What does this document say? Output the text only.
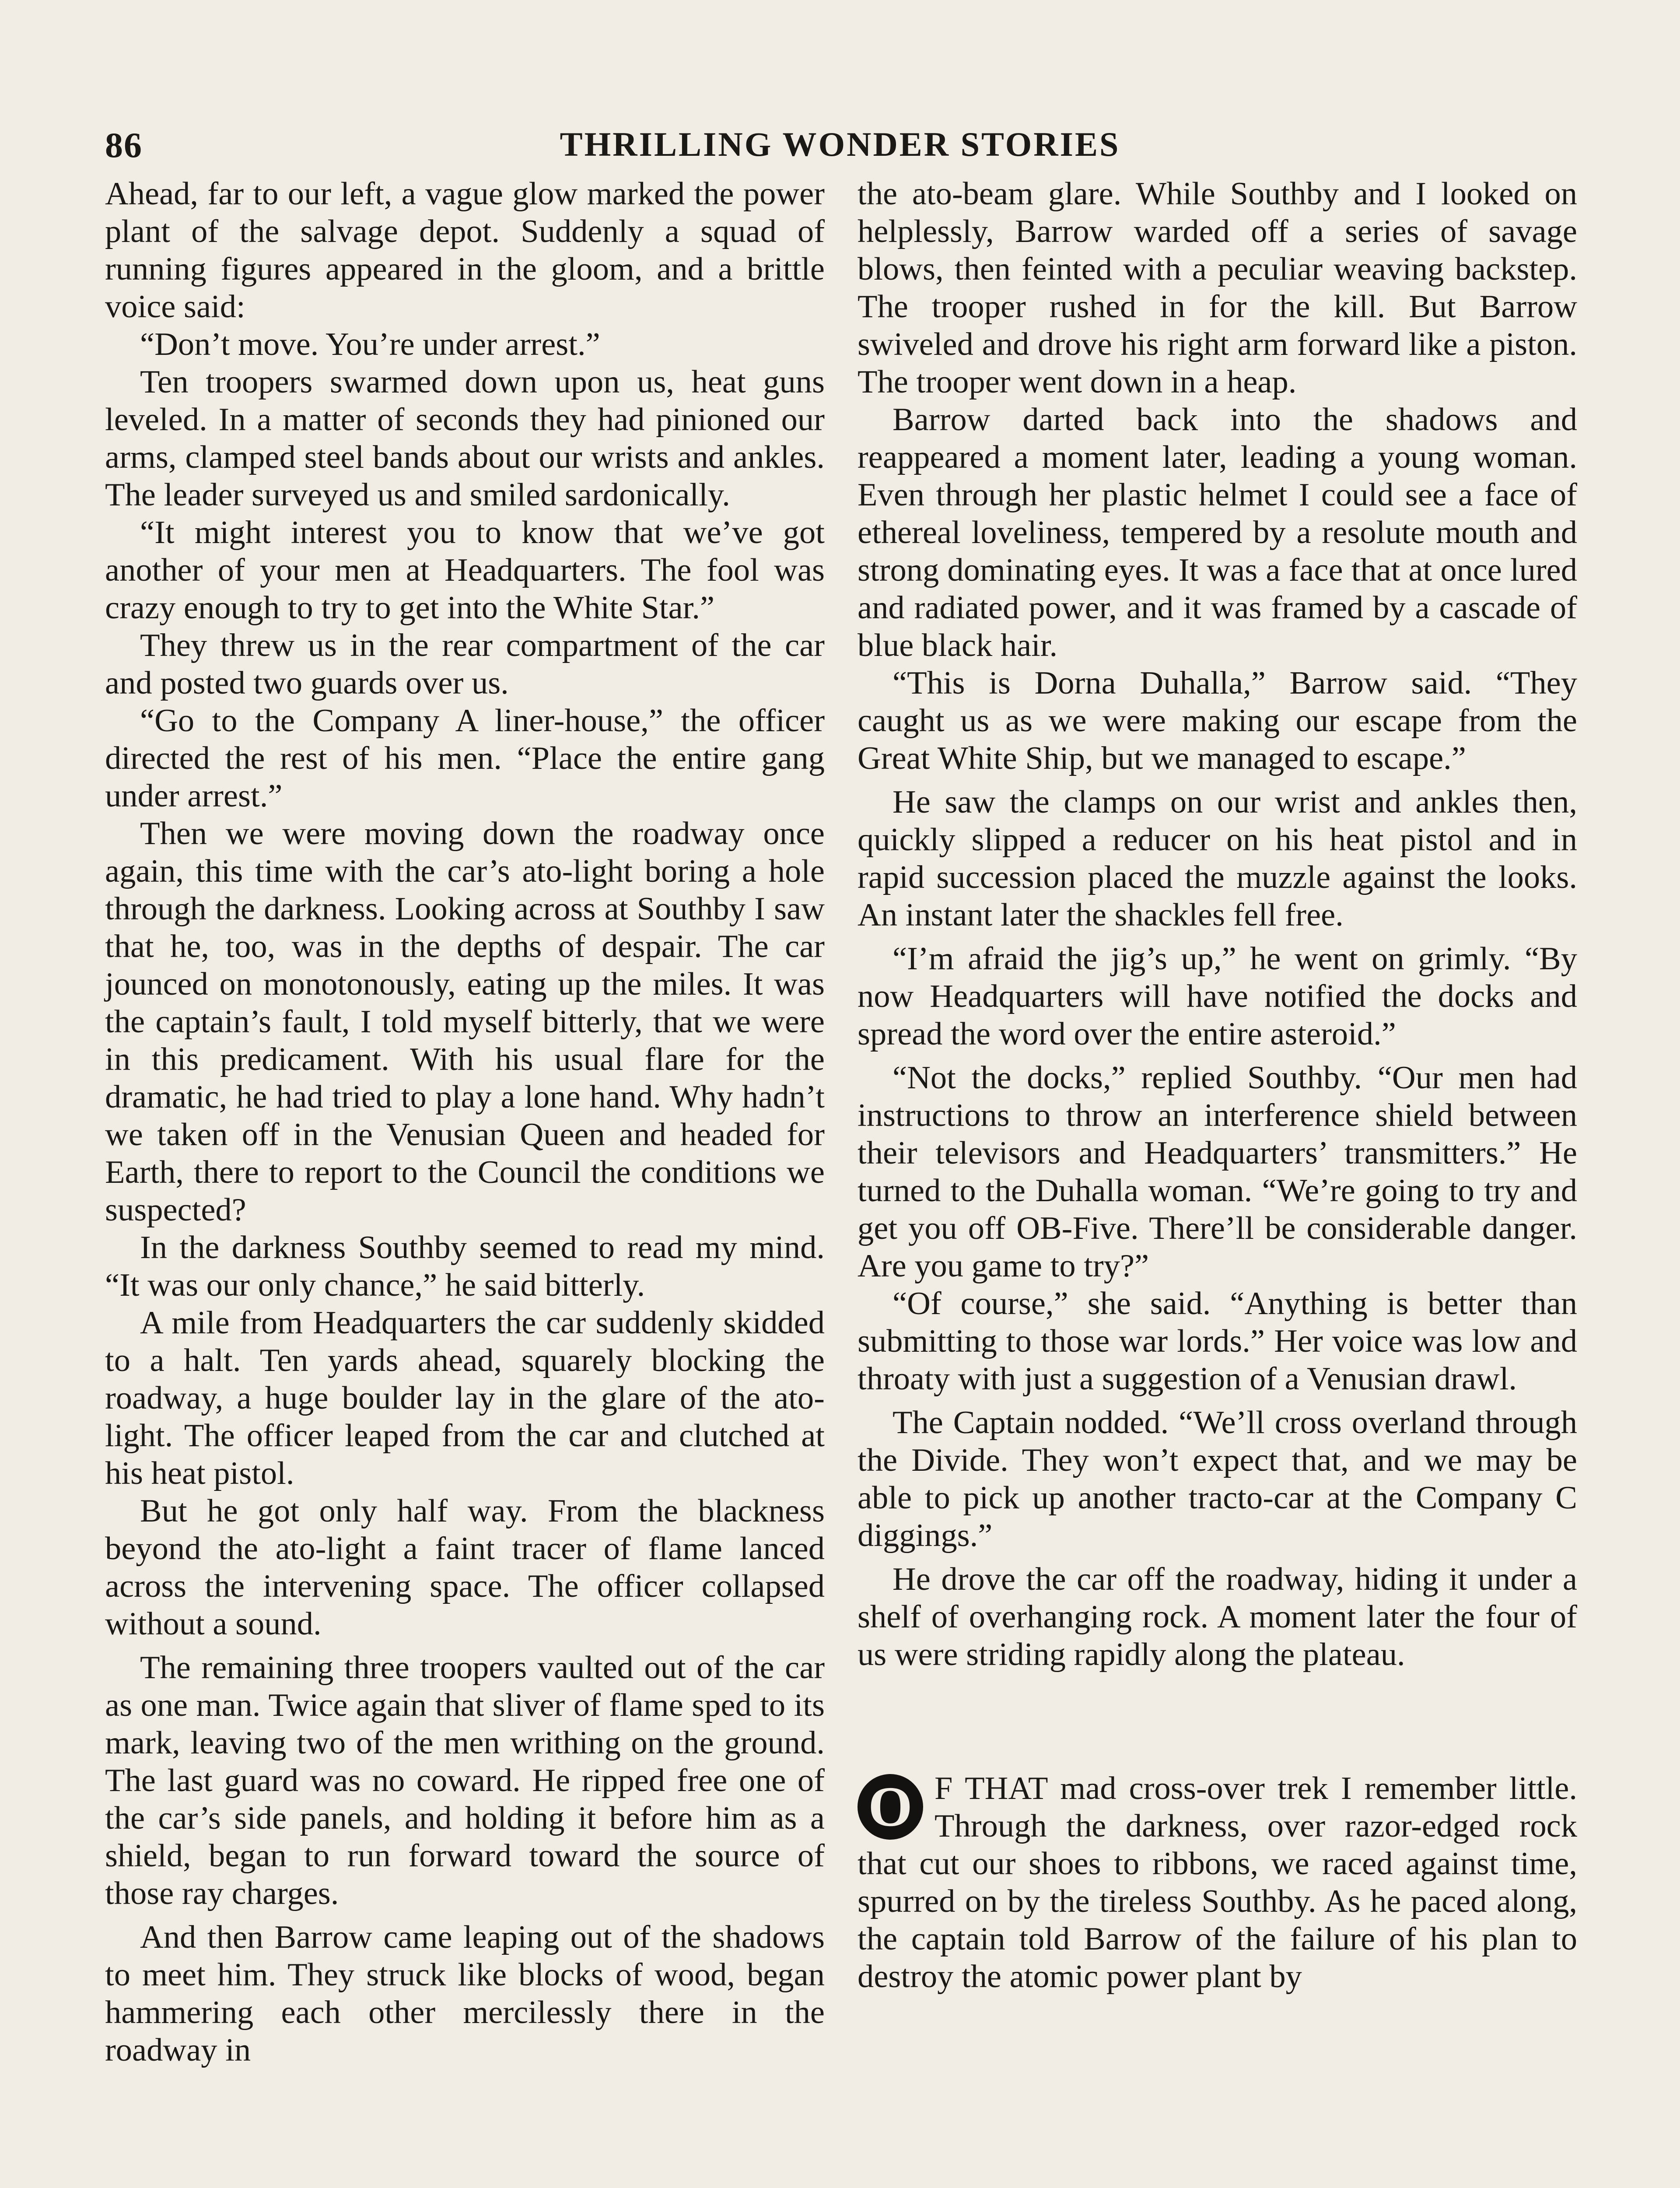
86	THRILLING WONDER STORIES

Ahead, far to our left, a vague glow marked the power plant of the salvage depot. Suddenly a squad of running figures appeared in the gloom, and a brittle voice said:

“Don’t move. You’re under arrest.”

Ten troopers swarmed down upon us, heat guns leveled. In a matter of seconds they had pinioned our arms, clamped steel bands about our wrists and ankles. The leader surveyed us and smiled sardonically.

“It might interest you to know that we’ve got another of your men at Headquarters. The fool was crazy enough to try to get into the White Star.”

They threw us in the rear compartment of the car and posted two guards over us.

“Go to the Company A liner-house,” the officer directed the rest of his men. “Place the entire gang under arrest.”

Then we were moving down the roadway once again, this time with the car’s ato-light boring a hole through the darkness. Looking across at Southby I saw that he, too, was in the depths of despair. The car jounced on monotonously, eating up the miles. It was the captain’s fault, I told myself bitterly, that we were in this predicament. With his usual flare for the dramatic, he had tried to play a lone hand. Why hadn’t we taken off in the Venusian Queen and headed for Earth, there to report to the Council the conditions we suspected?

In the darkness Southby seemed to read my mind. “It was our only chance,” he said bitterly.

A mile from Headquarters the car suddenly skidded to a halt. Ten yards ahead, squarely blocking the roadway, a huge boulder lay in the glare of the ato-light. The officer leaped from the car and clutched at his heat pistol.

But he got only half way. From the blackness beyond the ato-light a faint tracer of flame lanced across the intervening space. The officer collapsed without a sound.

The remaining three troopers vaulted out of the car as one man. Twice again that sliver of flame sped to its mark, leaving two of the men writhing on the ground. The last guard was no coward. He ripped free one of the car’s side panels, and holding it before him as a shield, began to run forward toward the source of those ray charges.

And then Barrow came leaping out of the shadows to meet him. They struck like blocks of wood, began hammering each other mercilessly there in the roadway in

the ato-beam glare. While Southby and I looked on helplessly, Barrow warded off a series of savage blows, then feinted with a peculiar weaving backstep. The trooper rushed in for the kill. But Barrow swiveled and drove his right arm forward like a piston. The trooper went down in a heap.

Barrow darted back into the shadows and reappeared a moment later, leading a young woman. Even through her plastic helmet I could see a face of ethereal loveliness, tempered by a resolute mouth and strong dominating eyes. It was a face that at once lured and radiated power, and it was framed by a cascade of blue black hair.

“This is Dorna Duhalla,” Barrow said. “They caught us as we were making our escape from the Great White Ship, but we managed to escape.”

He saw the clamps on our wrist and ankles then, quickly slipped a reducer on his heat pistol and in rapid succession placed the muzzle against the looks. An instant later the shackles fell free.

“I’m afraid the jig’s up,” he went on grimly. “By now Headquarters will have notified the docks and spread the word over the entire asteroid.”

“Not the docks,” replied Southby. “Our men had instructions to throw an interference shield between their televisors and Headquarters’ transmitters.” He turned to the Duhalla woman. “We’re going to try and get you off OB-Five. There’ll be considerable danger. Are you game to try?”

“Of course,” she said. “Anything is better than submitting to those war lords.” Her voice was low and throaty with just a suggestion of a Venusian drawl.

The Captain nodded. “We’ll cross overland through the Divide. They won’t expect that, and we may be able to pick up another tracto-car at the Company C diggings.”

He drove the car off the roadway, hiding it under a shelf of overhanging rock. A moment later the four of us were striding rapidly along the plateau.

O F THAT mad cross-over trek I remember little. Through the darkness, over razor-edged rock that cut our shoes to ribbons, we raced against time, spurred on by the tireless Southby. As he paced along, the captain told Barrow of the failure of his plan to destroy the atomic power plant by
